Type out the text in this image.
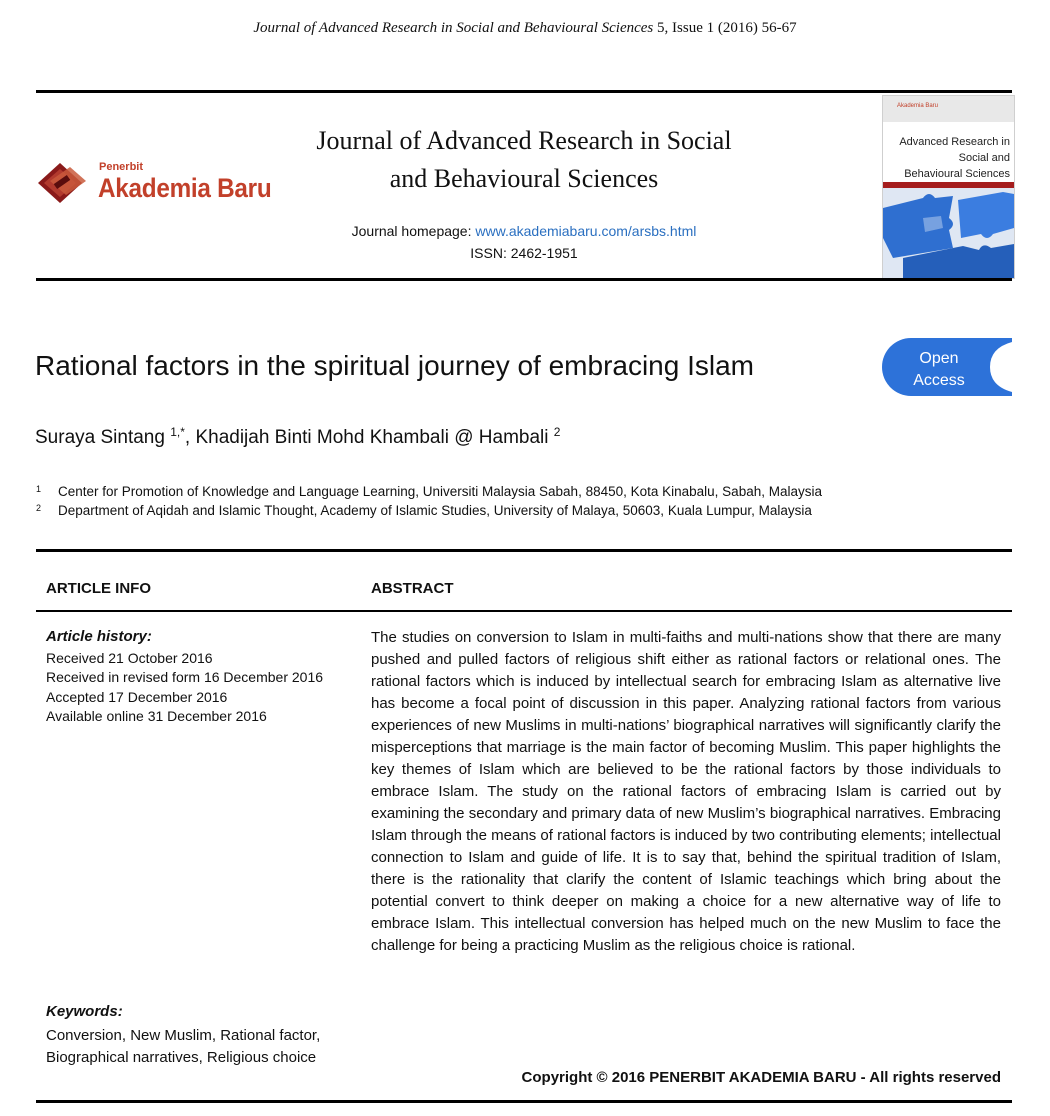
Journal of Advanced Research in Social and Behavioural Sciences 5, Issue 1 (2016) 56-67
Penerbit
Akademia Baru
Journal of Advanced Research in Social
and Behavioural Sciences
Journal homepage: www.akademiabaru.com/arsbs.html
ISSN: 2462-1951
Akademia Baru
Advanced Research in
Social and
Behavioural Sciences
Rational factors in the spiritual journey of embracing Islam	Open
Access
Suraya Sintang $^{1,*}$, Khadijah Binti Mohd Khambali @ Hambali $^2$
1 Center for Promotion of Knowledge and Language Learning, Universiti Malaysia Sabah, 88450, Kota Kinabalu, Sabah, Malaysia
2 Department of Aqidah and Islamic Thought, Academy of Islamic Studies, University of Malaya, 50603, Kuala Lumpur, Malaysia
ARTICLE INFO	ABSTRACT
Article history:
Received 21 October 2016
Received in revised form 16 December 2016
Accepted 17 December 2016
Available online 31 December 2016
The studies on conversion to Islam in multi-faiths and multi-nations show that there are many pushed and pulled factors of religious shift either as rational factors or relational ones. The rational factors which is induced by intellectual search for embracing Islam as alternative live has become a focal point of discussion in this paper. Analyzing rational factors from various experiences of new Muslims in multi-nations’ biographical narratives will significantly clarify the misperceptions that marriage is the main factor of becoming Muslim. This paper highlights the key themes of Islam which are believed to be the rational factors by those individuals to embrace Islam. The study on the rational factors of embracing Islam is carried out by examining the secondary and primary data of new Muslim’s biographical narratives. Embracing Islam through the means of rational factors is induced by two contributing elements; intellectual connection to Islam and guide of life. It is to say that, behind the spiritual tradition of Islam, there is the rationality that clarify the content of Islamic teachings which bring about the potential convert to think deeper on making a choice for a new alternative way of life to embrace Islam. This intellectual conversion has helped much on the new Muslim to face the challenge for being a practicing Muslim as the religious choice is rational.
Keywords:
Conversion, New Muslim, Rational factor, Biographical narratives, Religious choice
Copyright © 2016 PENERBIT AKADEMIA BARU - All rights reserved
